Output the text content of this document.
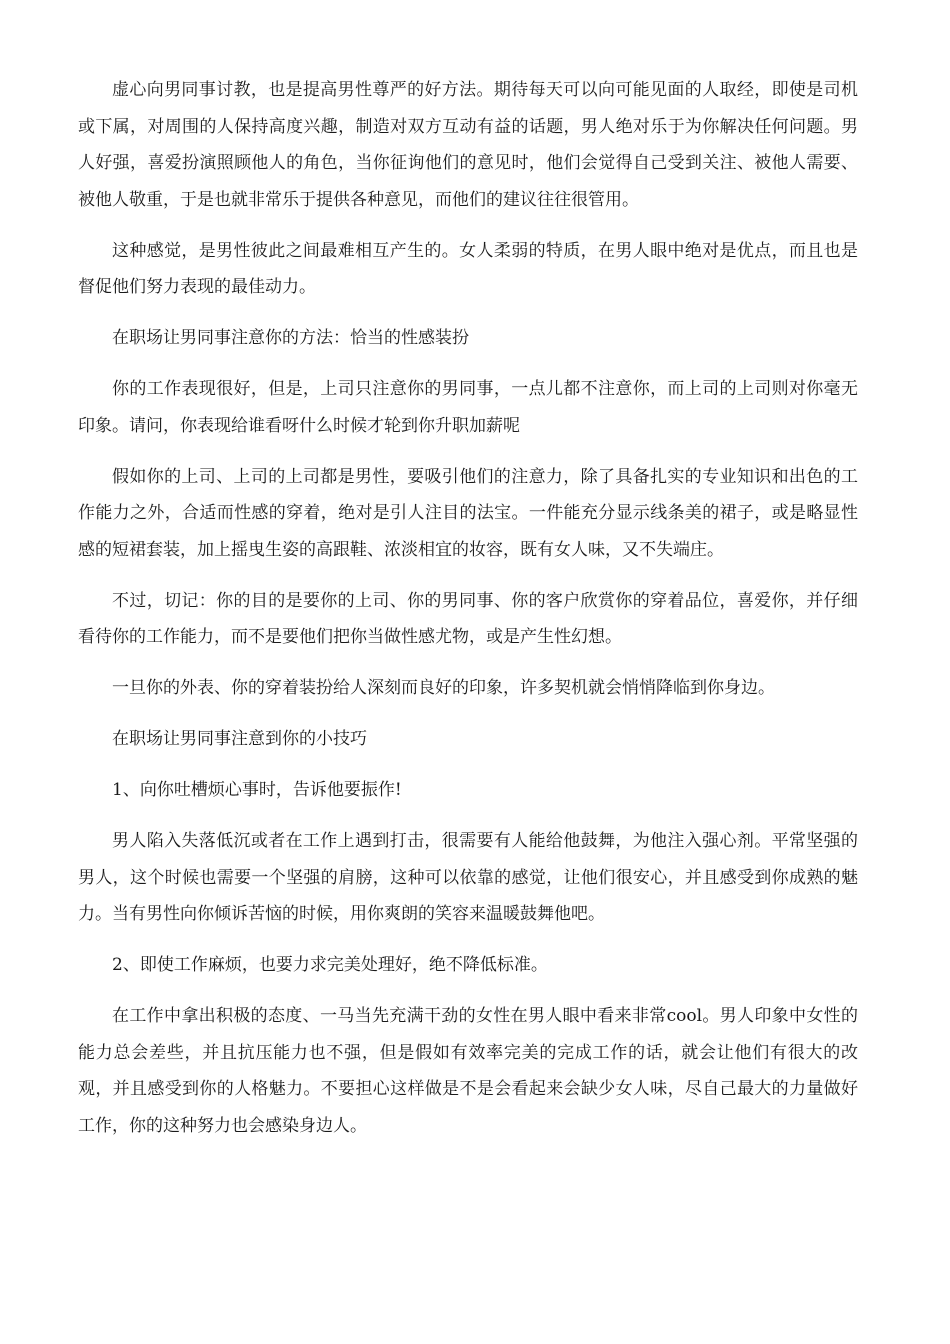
虚心向男同事讨教，也是提高男性尊严的好方法。期待每天可以向可能见面的人取经，即使是司机或下属，对周围的人保持高度兴趣，制造对双方互动有益的话题，男人绝对乐于为你解决任何问题。男人好强，喜爱扮演照顾他人的角色，当你征询他们的意见时，他们会觉得自己受到关注、被他人需要、被他人敬重，于是也就非常乐于提供各种意见，而他们的建议往往很管用。

这种感觉，是男性彼此之间最难相互产生的。女人柔弱的特质，在男人眼中绝对是优点，而且也是督促他们努力表现的最佳动力。

在职场让男同事注意你的方法：恰当的性感装扮

你的工作表现很好，但是，上司只注意你的男同事，一点儿都不注意你，而上司的上司则对你毫无印象。请问，你表现给谁看呀什么时候才轮到你升职加薪呢

假如你的上司、上司的上司都是男性，要吸引他们的注意力，除了具备扎实的专业知识和出色的工作能力之外，合适而性感的穿着，绝对是引人注目的法宝。一件能充分显示线条美的裙子，或是略显性感的短裙套装，加上摇曳生姿的高跟鞋、浓淡相宜的妆容，既有女人味，又不失端庄。

不过，切记：你的目的是要你的上司、你的男同事、你的客户欣赏你的穿着品位，喜爱你，并仔细看待你的工作能力，而不是要他们把你当做性感尤物，或是产生性幻想。

一旦你的外表、你的穿着装扮给人深刻而良好的印象，许多契机就会悄悄降临到你身边。

在职场让男同事注意到你的小技巧

1、向你吐槽烦心事时，告诉他要振作!

男人陷入失落低沉或者在工作上遇到打击，很需要有人能给他鼓舞，为他注入强心剂。平常坚强的男人，这个时候也需要一个坚强的肩膀，这种可以依靠的感觉，让他们很安心，并且感受到你成熟的魅力。当有男性向你倾诉苦恼的时候，用你爽朗的笑容来温暖鼓舞他吧。

2、即使工作麻烦，也要力求完美处理好，绝不降低标准。

在工作中拿出积极的态度、一马当先充满干劲的女性在男人眼中看来非常cool。男人印象中女性的能力总会差些，并且抗压能力也不强，但是假如有效率完美的完成工作的话，就会让他们有很大的改观，并且感受到你的人格魅力。不要担心这样做是不是会看起来会缺少女人味，尽自己最大的力量做好工作，你的这种努力也会感染身边人。
